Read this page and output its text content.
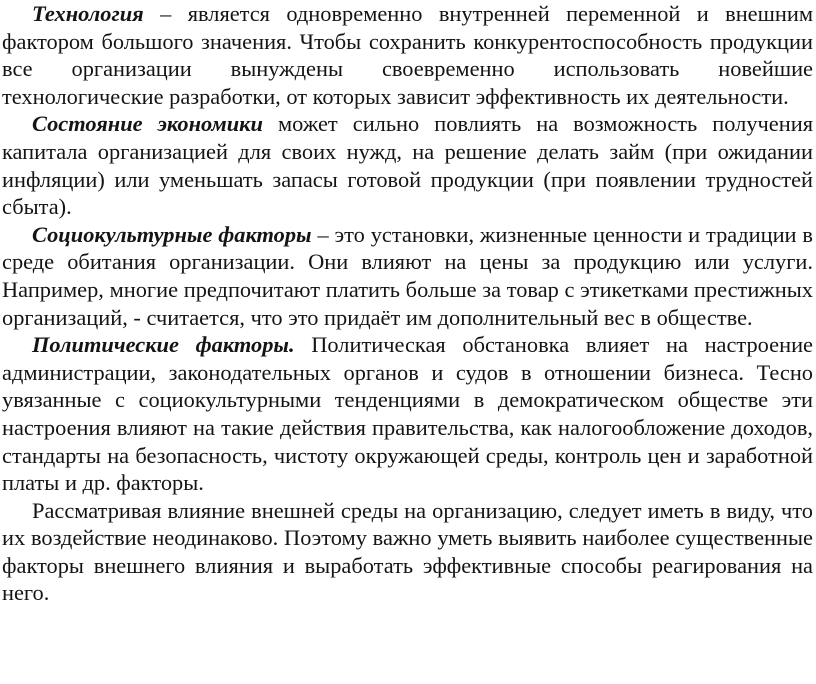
Технология – является одновременно внутренней переменной и внешним фактором большого значения. Чтобы сохранить конкурентоспособность продукции все организации вынуждены своевременно использовать новейшие технологические разработки, от которых зависит эффективность их деятельности.

Состояние экономики может сильно повлиять на возможность получения капитала организацией для своих нужд, на решение делать займ (при ожидании инфляции) или уменьшать запасы готовой продукции (при появлении трудностей сбыта).

Социокультурные факторы – это установки, жизненные ценности и традиции в среде обитания организации. Они влияют на цены за продукцию или услуги. Например, многие предпочитают платить больше за товар с этикетками престижных организаций, - считается, что это придаёт им дополнительный вес в обществе.

Политические факторы. Политическая обстановка влияет на настроение администрации, законодательных органов и судов в отношении бизнеса. Тесно увязанные с социокультурными тенденциями в демократическом обществе эти настроения влияют на такие действия правительства, как налогообложение доходов, стандарты на безопасность, чистоту окружающей среды, контроль цен и заработной платы и др. факторы.

Рассматривая влияние внешней среды на организацию, следует иметь в виду, что их воздействие неодинаково. Поэтому важно уметь выявить наиболее существенные факторы внешнего влияния и выработать эффективные способы реагирования на него.
